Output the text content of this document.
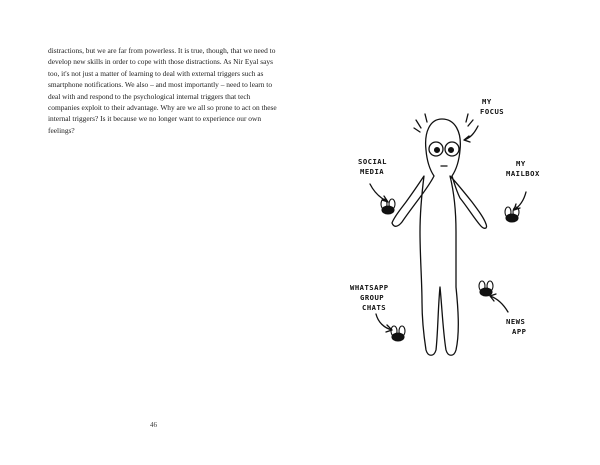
distractions, but we are far from powerless. It is true, though, that we need to develop new skills in order to cope with those distractions. As Nir Eyal says too, it's not just a matter of learning to deal with external triggers such as smartphone notifications. We also – and most importantly – need to learn to deal with and respond to the psychological internal triggers that tech companies exploit to their advantage. Why are we all so prone to act on these internal triggers? Is it because we no longer want to experience our own feelings?

46
MY
FOCUS
SOCIAL
MEDIA
MY
MAILBOX
WHATSAPP
GROUP
CHATS
NEWS
APP
